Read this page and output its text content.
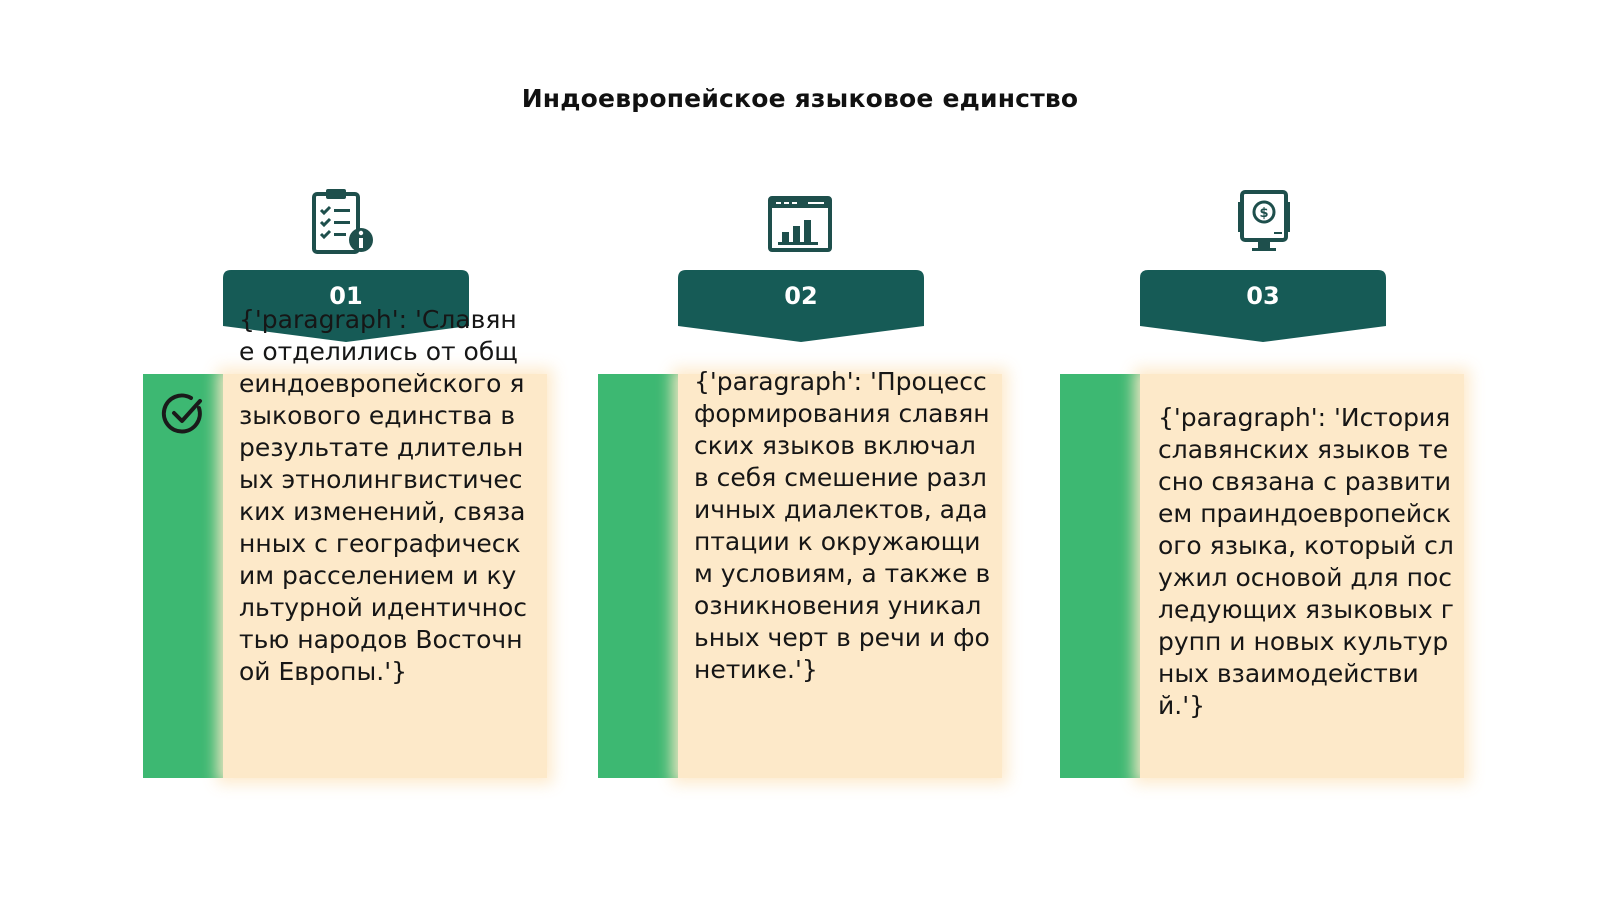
Индоевропейское языковое единство
01
{'paragraph': 'Славяне отделились от общеиндоевропейского языкового единства в результате длительных этнолингвистических изменений, связанных с географическим расселением и культурной идентичностью народов Восточной Европы.'}
02
{'paragraph': 'Процесс формирования славянских языков включал в себя смешение различных диалектов, адаптации к окружающим условиям, а также возникновения уникальных черт в речи и фонетике.'}
$
03
{'paragraph': 'История славянских языков тесно связана с развитием праиндоевропейского языка, который служил основой для последующих языковых групп и новых культурных взаимодействий.'}
